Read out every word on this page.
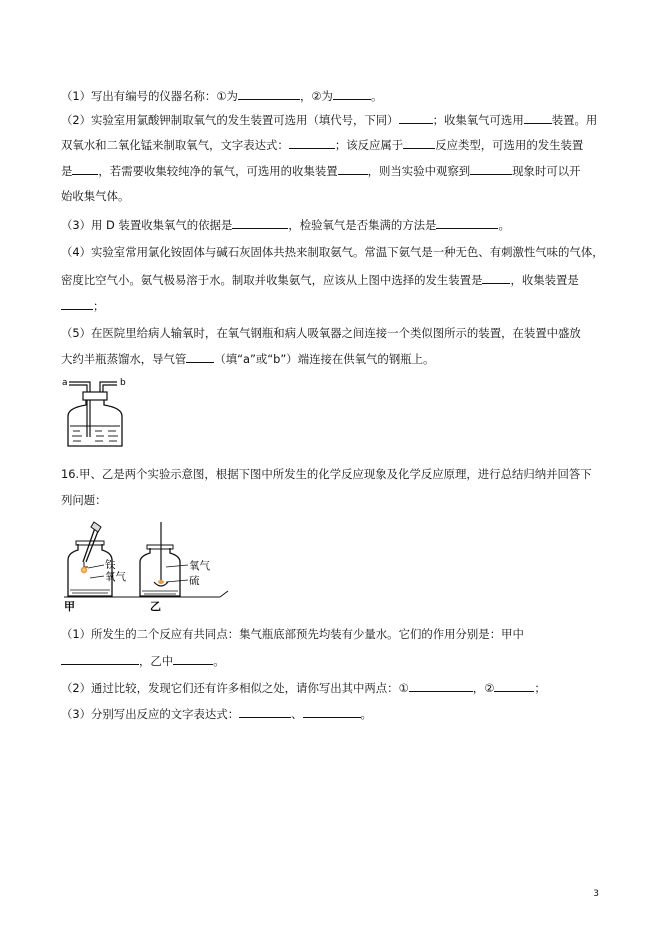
（1）写出有编号的仪器名称：①为	，②为	。
（2）实验室用氯酸钾制取氧气的发生装置可选用（填代号，下同）	；收集氧气可选用 装置。用
双氧水和二氧化锰来制取氧气，文字表达式：	；该反应属于	反应类型，可选用的发生装置
是 ，若需要收集较纯净的氧气，可选用的收集装置	，则当实验中观察到	现象时可以开
始收集气体。
（3）用 D 装置收集氧气的依据是	，检验氧气是否集满的方法是	。
（4）实验室常用氯化铵固体与碱石灰固体共热来制取氨气。常温下氨气是一种无色、有刺激性气味的气体，
密度比空气小。氨气极易溶于水。制取并收集氨气，应该从上图中选择的发生装置是 ，收集装置是
；
（5）在医院里给病人输氧时，在氧气钢瓶和病人吸氧器之间连接一个类似图所示的装置，在装置中盛放
大约半瓶蒸馏水，导气管 （填“a”或“b”）端连接在供氧气的钢瓶上。
a	b
16.甲、乙是两个实验示意图，根据下图中所发生的化学反应现象及化学反应原理，进行总结归纳并回答下
列问题：
铁
氧气
氧气
硫
甲	乙
（1）所发生的二个反应有共同点：集气瓶底部预先均装有少量水。它们的作用分别是：甲中
，乙中	。
（2）通过比较，发现它们还有许多相似之处，请你写出其中两点：①	，②	；
（3）分别写出反应的文字表达式：	、	。
3
